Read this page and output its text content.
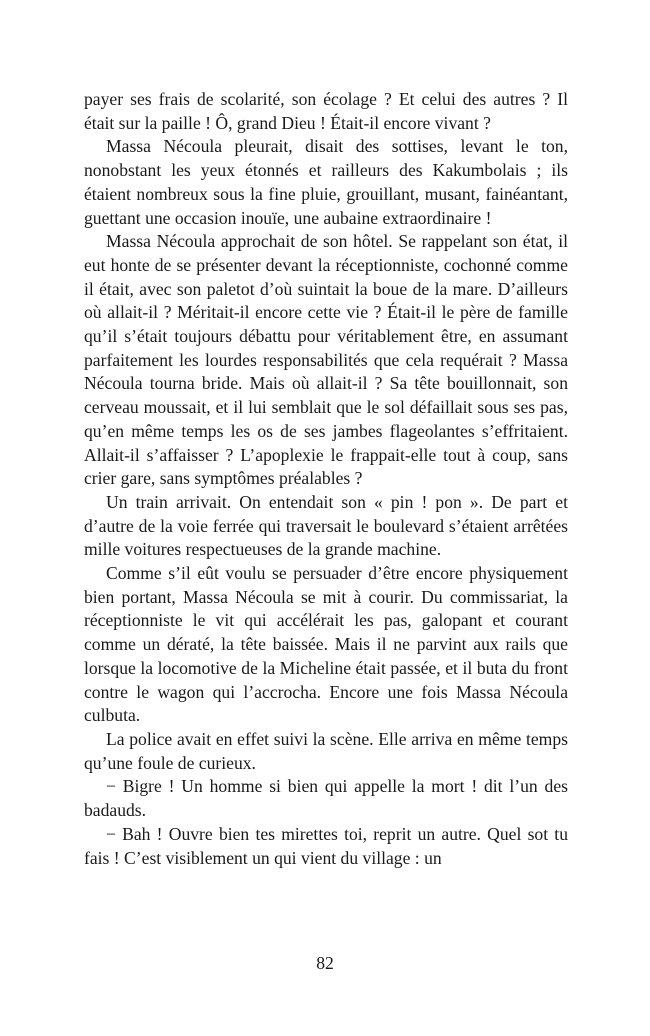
payer ses frais de scolarité, son écolage ? Et celui des autres ? Il était sur la paille ! Ô, grand Dieu ! Était-il encore vivant ?

Massa Nécoula pleurait, disait des sottises, levant le ton, nonobstant les yeux étonnés et railleurs des Kakumbolais ; ils étaient nombreux sous la fine pluie, grouillant, musant, fainéantant, guettant une occasion inouïe, une aubaine extraordinaire !

Massa Nécoula approchait de son hôtel. Se rappelant son état, il eut honte de se présenter devant la réceptionniste, cochonné comme il était, avec son paletot d’où suintait la boue de la mare. D’ailleurs où allait-il ? Méritait-il encore cette vie ? Était-il le père de famille qu’il s’était toujours débattu pour véritablement être, en assumant parfaitement les lourdes responsabilités que cela requérait ? Massa Nécoula tourna bride. Mais où allait-il ? Sa tête bouillonnait, son cerveau moussait, et il lui semblait que le sol défaillait sous ses pas, qu’en même temps les os de ses jambes flageolantes s’effritaient. Allait-il s’affaisser ? L’apoplexie le frappait-elle tout à coup, sans crier gare, sans symptômes préalables ?

Un train arrivait. On entendait son « pin ! pon ». De part et d’autre de la voie ferrée qui traversait le boulevard s’étaient arrêtées mille voitures respectueuses de la grande machine.

Comme s’il eût voulu se persuader d’être encore physiquement bien portant, Massa Nécoula se mit à courir. Du commissariat, la réceptionniste le vit qui accélérait les pas, galopant et courant comme un dératé, la tête baissée. Mais il ne parvint aux rails que lorsque la locomotive de la Micheline était passée, et il buta du front contre le wagon qui l’accrocha. Encore une fois Massa Nécoula culbuta.

La police avait en effet suivi la scène. Elle arriva en même temps qu’une foule de curieux.

− Bigre ! Un homme si bien qui appelle la mort ! dit l’un des badauds.

− Bah ! Ouvre bien tes mirettes toi, reprit un autre. Quel sot tu fais ! C’est visiblement un qui vient du village : un

82
